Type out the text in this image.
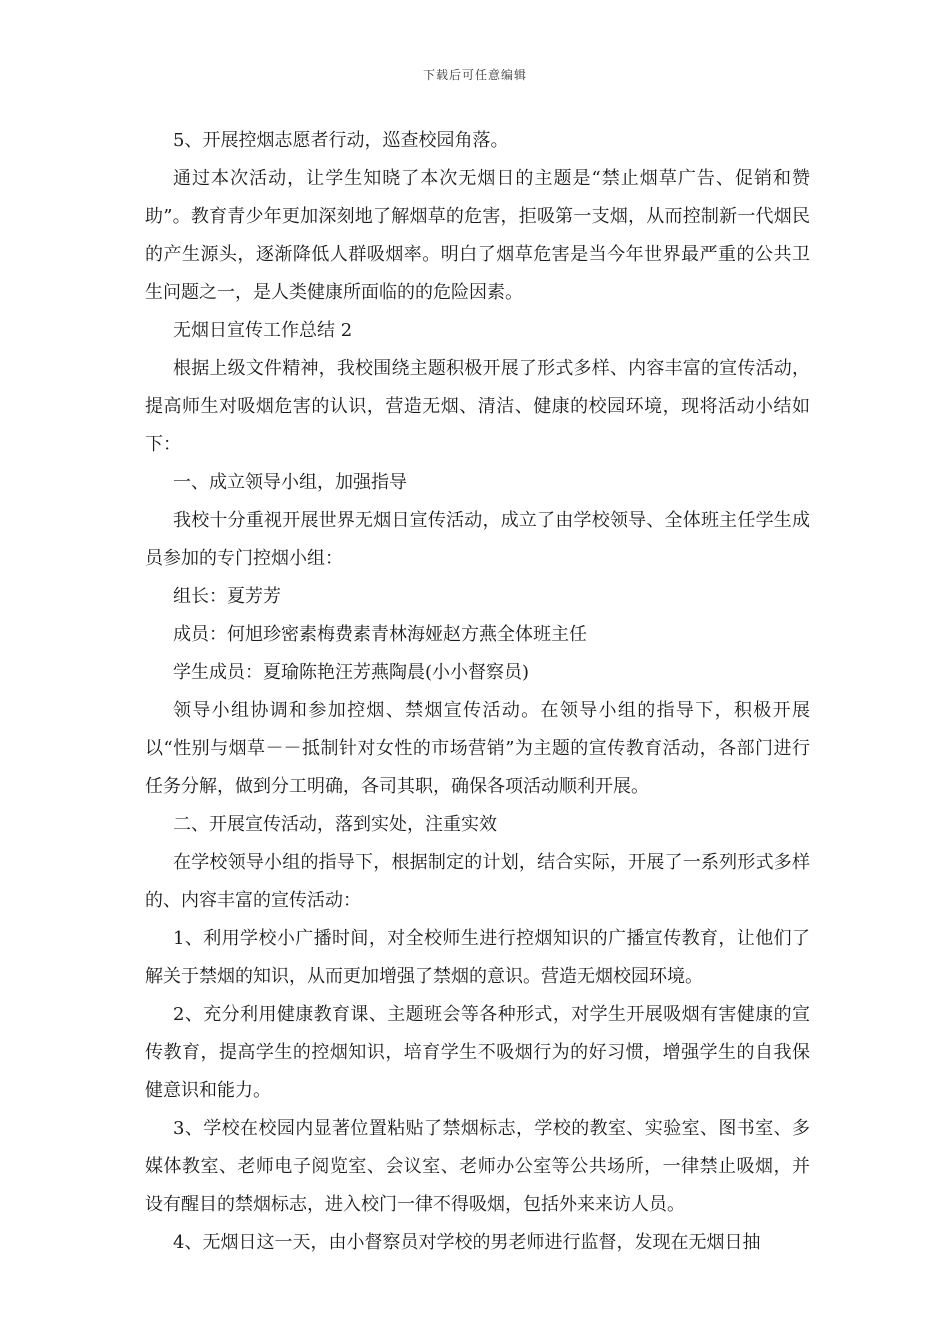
下载后可任意编辑

5、开展控烟志愿者行动，巡查校园角落。

通过本次活动，让学生知晓了本次无烟日的主题是“禁止烟草广告、促销和赞助”。教育青少年更加深刻地了解烟草的危害，拒吸第一支烟，从而控制新一代烟民的产生源头，逐渐降低人群吸烟率。明白了烟草危害是当今年世界最严重的公共卫生问题之一，是人类健康所面临的的危险因素。

无烟日宣传工作总结 2

根据上级文件精神，我校围绕主题积极开展了形式多样、内容丰富的宣传活动，提高师生对吸烟危害的认识，营造无烟、清洁、健康的校园环境，现将活动小结如下：

一、成立领导小组，加强指导

我校十分重视开展世界无烟日宣传活动，成立了由学校领导、全体班主任学生成员参加的专门控烟小组：

组长：夏芳芳

成员：何旭珍密素梅费素青林海娅赵方燕全体班主任

学生成员：夏瑜陈艳汪芳燕陶晨(小小督察员)

领导小组协调和参加控烟、禁烟宣传活动。在领导小组的指导下，积极开展以“性别与烟草－－抵制针对女性的市场营销”为主题的宣传教育活动，各部门进行任务分解，做到分工明确，各司其职，确保各项活动顺利开展。

二、开展宣传活动，落到实处，注重实效

在学校领导小组的指导下，根据制定的计划，结合实际，开展了一系列形式多样的、内容丰富的宣传活动：

1、利用学校小广播时间，对全校师生进行控烟知识的广播宣传教育，让他们了解关于禁烟的知识，从而更加增强了禁烟的意识。营造无烟校园环境。

2、充分利用健康教育课、主题班会等各种形式，对学生开展吸烟有害健康的宣传教育，提高学生的控烟知识，培育学生不吸烟行为的好习惯，增强学生的自我保健意识和能力。

3、学校在校园内显著位置粘贴了禁烟标志，学校的教室、实验室、图书室、多媒体教室、老师电子阅览室、会议室、老师办公室等公共场所，一律禁止吸烟，并设有醒目的禁烟标志，进入校门一律不得吸烟，包括外来来访人员。

4、无烟日这一天，由小督察员对学校的男老师进行监督，发现在无烟日抽
